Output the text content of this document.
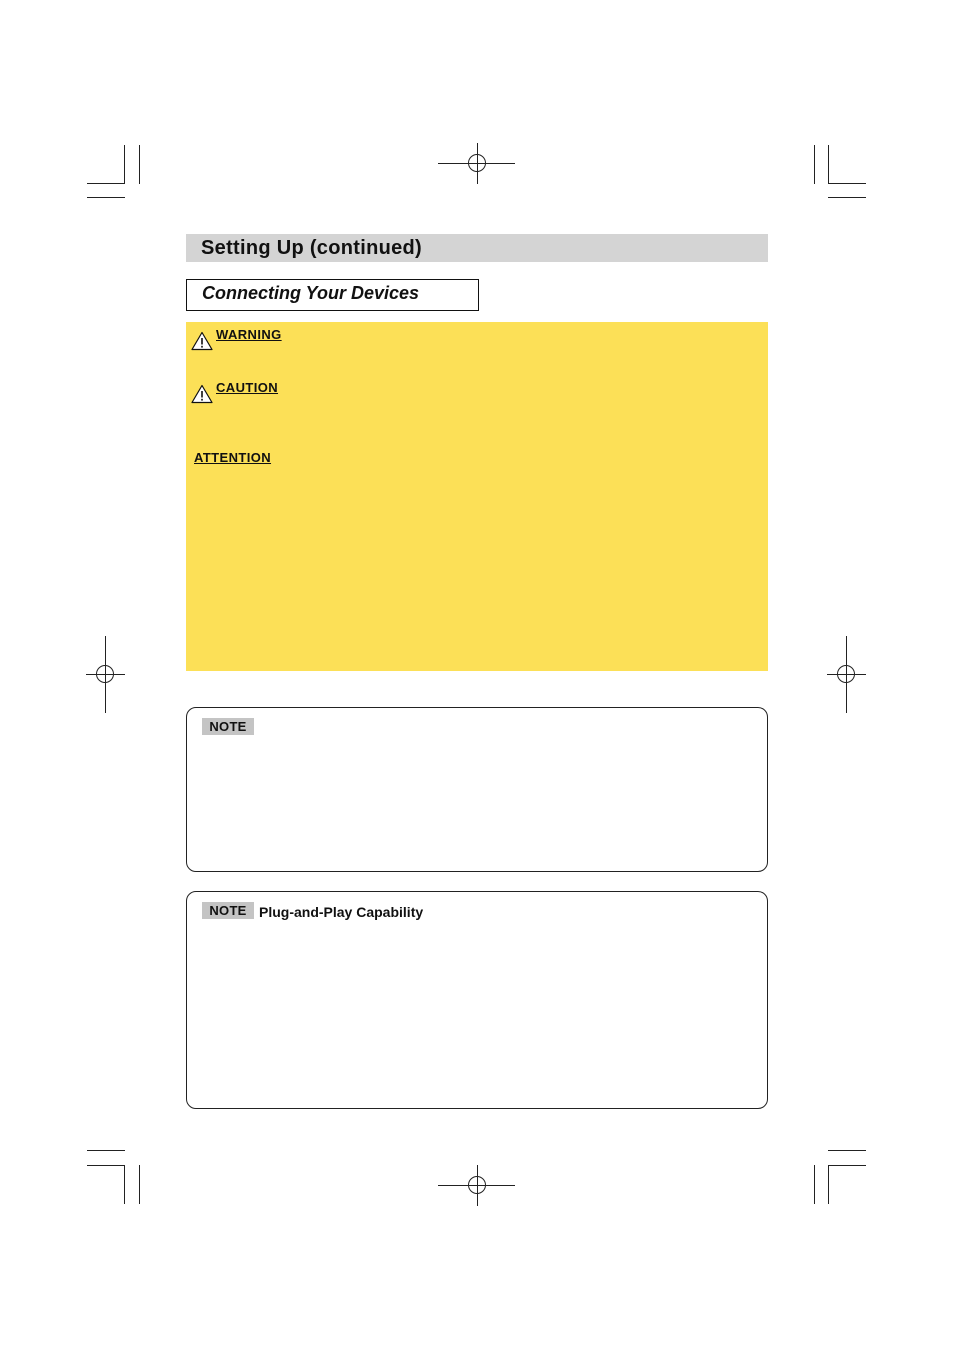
Setting Up (continued)
Connecting Your Devices
WARNING
CAUTION
ATTENTION
NOTE
NOTE Plug-and-Play Capability
